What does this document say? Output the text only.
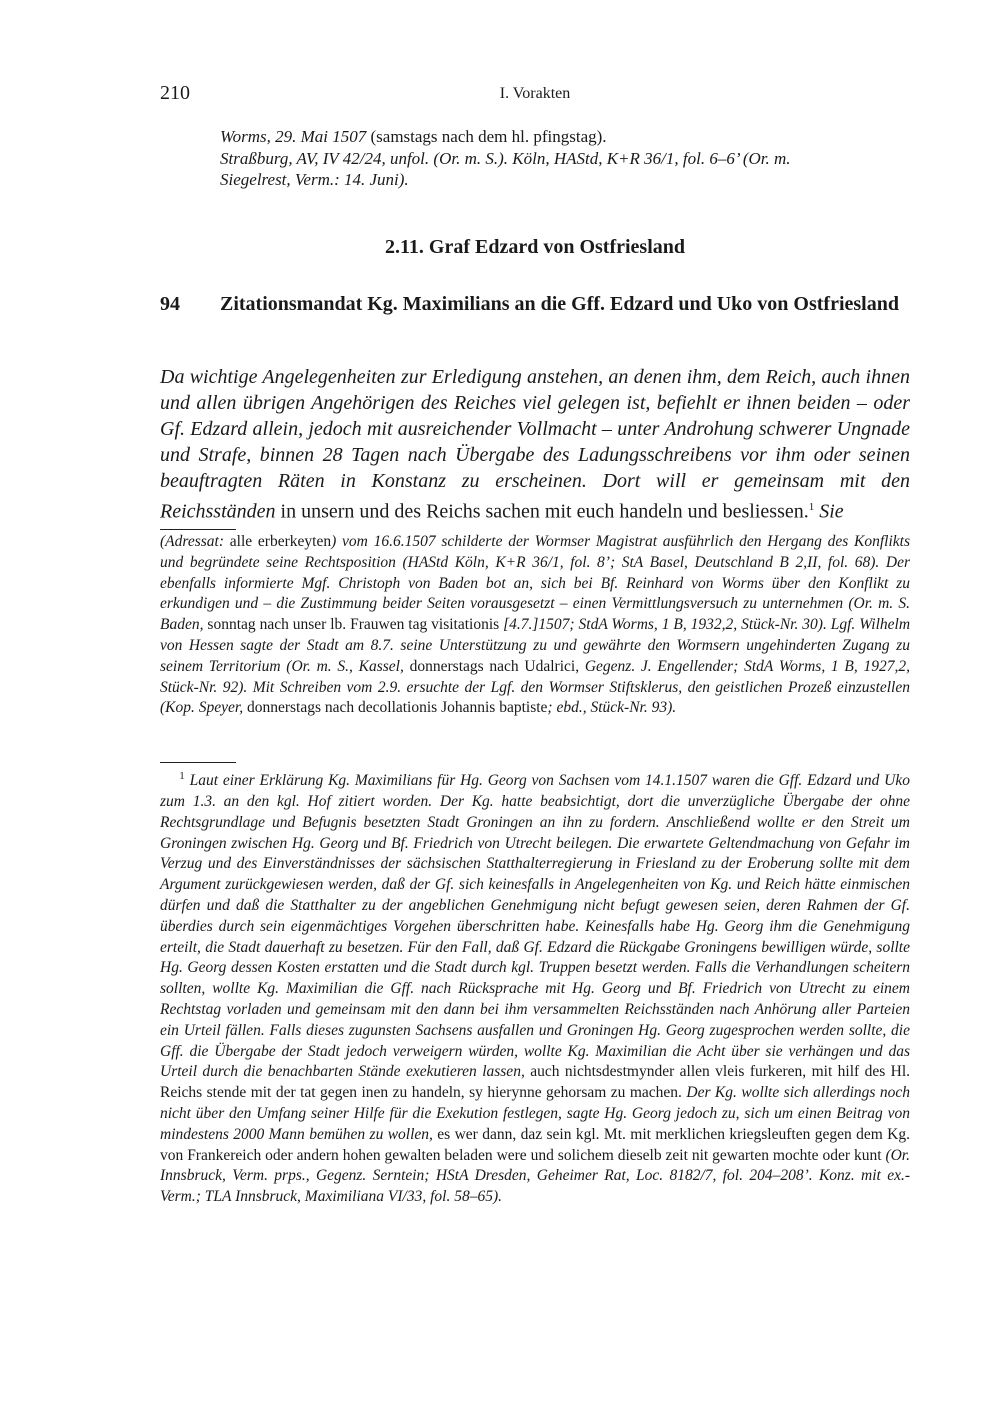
210	I. Vorakten

Worms, 29. Mai 1507 (samstags nach dem hl. pfingstag).

Straßburg, AV, IV 42/24, unfol. (Or. m. S.). Köln, HAStd, K+R 36/1, fol. 6–6’ (Or. m.

Siegelrest, Verm.: 14. Juni).

2.11. Graf Edzard von Ostfriesland
94 Zitationsmandat Kg. Maximilians an die Gff. Edzard und Uko von Ostfriesland
Da wichtige Angelegenheiten zur Erledigung anstehen, an denen ihm, dem Reich, auch ihnen und allen übrigen Angehörigen des Reiches viel gelegen ist, befiehlt er ihnen beiden – oder Gf. Edzard allein, jedoch mit ausreichender Vollmacht – unter Androhung schwerer Ungnade und Strafe, binnen 28 Tagen nach Übergabe des Ladungsschreibens vor ihm oder seinen beauftragten Räten in Konstanz zu erscheinen. Dort will er gemeinsam mit den Reichsständen in unsern und des Reichs sachen mit euch handeln und besliessen.$^1$ Sie
(Adressat: alle erberkeyten) vom 16.6.1507 schilderte der Wormser Magistrat ausführlich den Hergang des Konflikts und begründete seine Rechtsposition (HAStd Köln, K+R 36/1, fol. 8’; StA Basel, Deutschland B 2,II, fol. 68). Der ebenfalls informierte Mgf. Christoph von Baden bot an, sich bei Bf. Reinhard von Worms über den Konflikt zu erkundigen und – die Zustimmung beider Seiten vorausgesetzt – einen Vermittlungsversuch zu unternehmen (Or. m. S. Baden, sonntag nach unser lb. Frauwen tag visitationis [4.7.]1507; StdA Worms, 1 B, 1932,2, Stück-Nr. 30). Lgf. Wilhelm von Hessen sagte der Stadt am 8.7. seine Unterstützung zu und gewährte den Wormsern ungehinderten Zugang zu seinem Territorium (Or. m. S., Kassel, donnerstags nach Udalrici, Gegenz. J. Engellender; StdA Worms, 1 B, 1927,2, Stück-Nr. 92). Mit Schreiben vom 2.9. ersuchte der Lgf. den Wormser Stiftsklerus, den geistlichen Prozeß einzustellen (Kop. Speyer, donnerstags nach decollationis Johannis baptiste; ebd., Stück-Nr. 93).
$^1$ Laut einer Erklärung Kg. Maximilians für Hg. Georg von Sachsen vom 14.1.1507 waren die Gff. Edzard und Uko zum 1.3. an den kgl. Hof zitiert worden. Der Kg. hatte beabsichtigt, dort die unverzügliche Übergabe der ohne Rechtsgrundlage und Befugnis besetzten Stadt Groningen an ihn zu fordern. Anschließend wollte er den Streit um Groningen zwischen Hg. Georg und Bf. Friedrich von Utrecht beilegen. Die erwartete Geltendmachung von Gefahr im Verzug und des Einverständnisses der sächsischen Statthalterregierung in Friesland zu der Eroberung sollte mit dem Argument zurückgewiesen werden, daß der Gf. sich keinesfalls in Angelegenheiten von Kg. und Reich hätte einmischen dürfen und daß die Statthalter zu der angeblichen Genehmigung nicht befugt gewesen seien, deren Rahmen der Gf. überdies durch sein eigenmächtiges Vorgehen überschritten habe. Keinesfalls habe Hg. Georg ihm die Genehmigung erteilt, die Stadt dauerhaft zu besetzen. Für den Fall, daß Gf. Edzard die Rückgabe Groningens bewilligen würde, sollte Hg. Georg dessen Kosten erstatten und die Stadt durch kgl. Truppen besetzt werden. Falls die Verhandlungen scheitern sollten, wollte Kg. Maximilian die Gff. nach Rücksprache mit Hg. Georg und Bf. Friedrich von Utrecht zu einem Rechtstag vorladen und gemeinsam mit den dann bei ihm versammelten Reichsständen nach Anhörung aller Parteien ein Urteil fällen. Falls dieses zugunsten Sachsens ausfallen und Groningen Hg. Georg zugesprochen werden sollte, die Gff. die Übergabe der Stadt jedoch verweigern würden, wollte Kg. Maximilian die Acht über sie verhängen und das Urteil durch die benachbarten Stände exekutieren lassen, auch nichtsdestmynder allen vleis furkeren, mit hilf des Hl. Reichs stende mit der tat gegen inen zu handeln, sy hierynne gehorsam zu machen. Der Kg. wollte sich allerdings noch nicht über den Umfang seiner Hilfe für die Exekution festlegen, sagte Hg. Georg jedoch zu, sich um einen Beitrag von mindestens 2000 Mann bemühen zu wollen, es wer dann, daz sein kgl. Mt. mit merklichen kriegsleuften gegen dem Kg. von Frankereich oder andern hohen gewalten beladen were und solichem dieselb zeit nit gewarten mochte oder kunt (Or. Innsbruck, Verm. prps., Gegenz. Serntein; HStA Dresden, Geheimer Rat, Loc. 8182/7, fol. 204–208’. Konz. mit ex.-Verm.; TLA Innsbruck, Maximiliana VI/33, fol. 58–65).
